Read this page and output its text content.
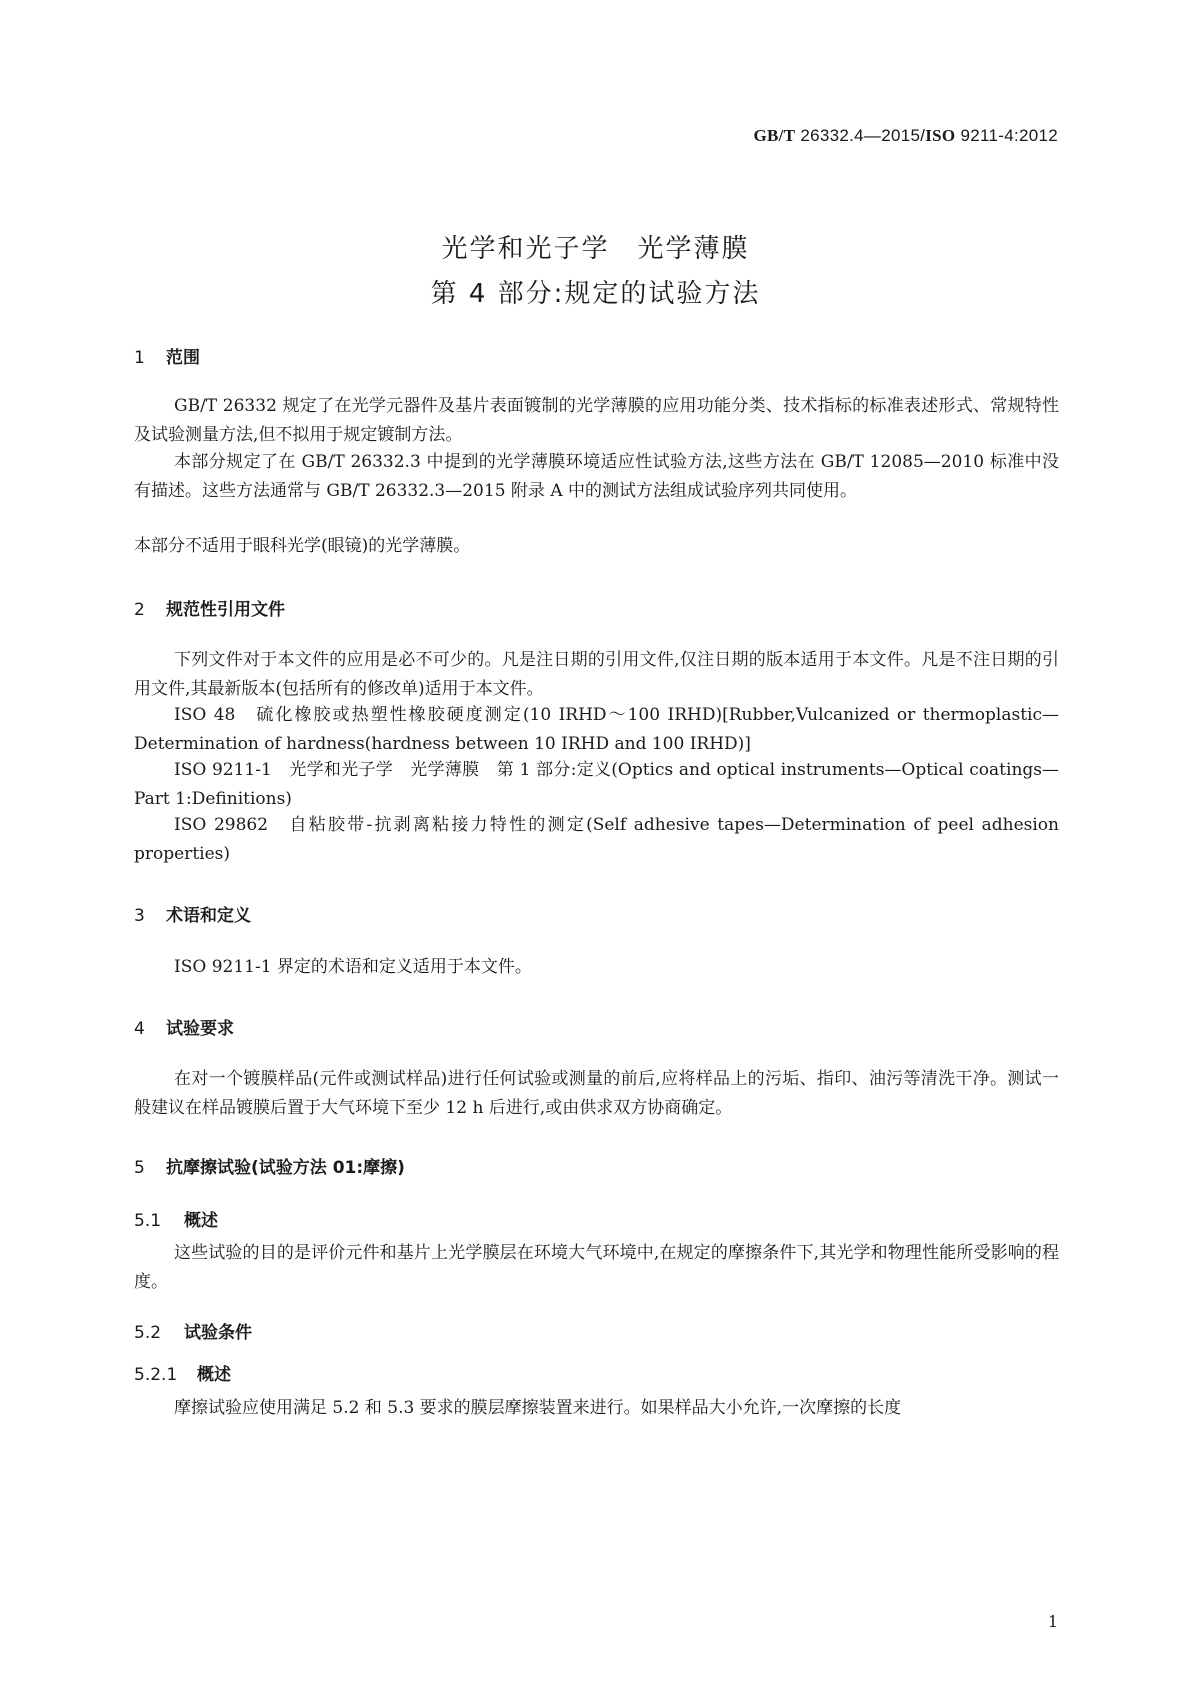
GB/T 26332.4—2015/ISO 9211-4:2012
光学和光子学　光学薄膜
第 4 部分:规定的试验方法
1 范围
GB/T 26332 规定了在光学元器件及基片表面镀制的光学薄膜的应用功能分类、技术指标的标准表述形式、常规特性及试验测量方法,但不拟用于规定镀制方法。
本部分规定了在 GB/T 26332.3 中提到的光学薄膜环境适应性试验方法,这些方法在 GB/T 12085—2010 标准中没有描述。这些方法通常与 GB/T 26332.3—2015 附录 A 中的测试方法组成试验序列共同使用。
本部分不适用于眼科光学(眼镜)的光学薄膜。
2 规范性引用文件
下列文件对于本文件的应用是必不可少的。凡是注日期的引用文件,仅注日期的版本适用于本文件。凡是不注日期的引用文件,其最新版本(包括所有的修改单)适用于本文件。
ISO 48　硫化橡胶或热塑性橡胶硬度测定(10 IRHD～100 IRHD)[Rubber,Vulcanized or thermoplastic—Determination of hardness(hardness between 10 IRHD and 100 IRHD)]
ISO 9211-1　光学和光子学　光学薄膜　第 1 部分:定义(Optics and optical instruments—Optical coatings—Part 1:Definitions)
ISO 29862　自粘胶带-抗剥离粘接力特性的测定(Self adhesive tapes—Determination of peel adhesion properties)
3 术语和定义
ISO 9211-1 界定的术语和定义适用于本文件。
4 试验要求
在对一个镀膜样品(元件或测试样品)进行任何试验或测量的前后,应将样品上的污垢、指印、油污等清洗干净。测试一般建议在样品镀膜后置于大气环境下至少 12 h 后进行,或由供求双方协商确定。
5 抗摩擦试验(试验方法 01:摩擦)
5.1 概述
这些试验的目的是评价元件和基片上光学膜层在环境大气环境中,在规定的摩擦条件下,其光学和物理性能所受影响的程度。
5.2 试验条件
5.2.1 概述
摩擦试验应使用满足 5.2 和 5.3 要求的膜层摩擦装置来进行。如果样品大小允许,一次摩擦的长度
1
